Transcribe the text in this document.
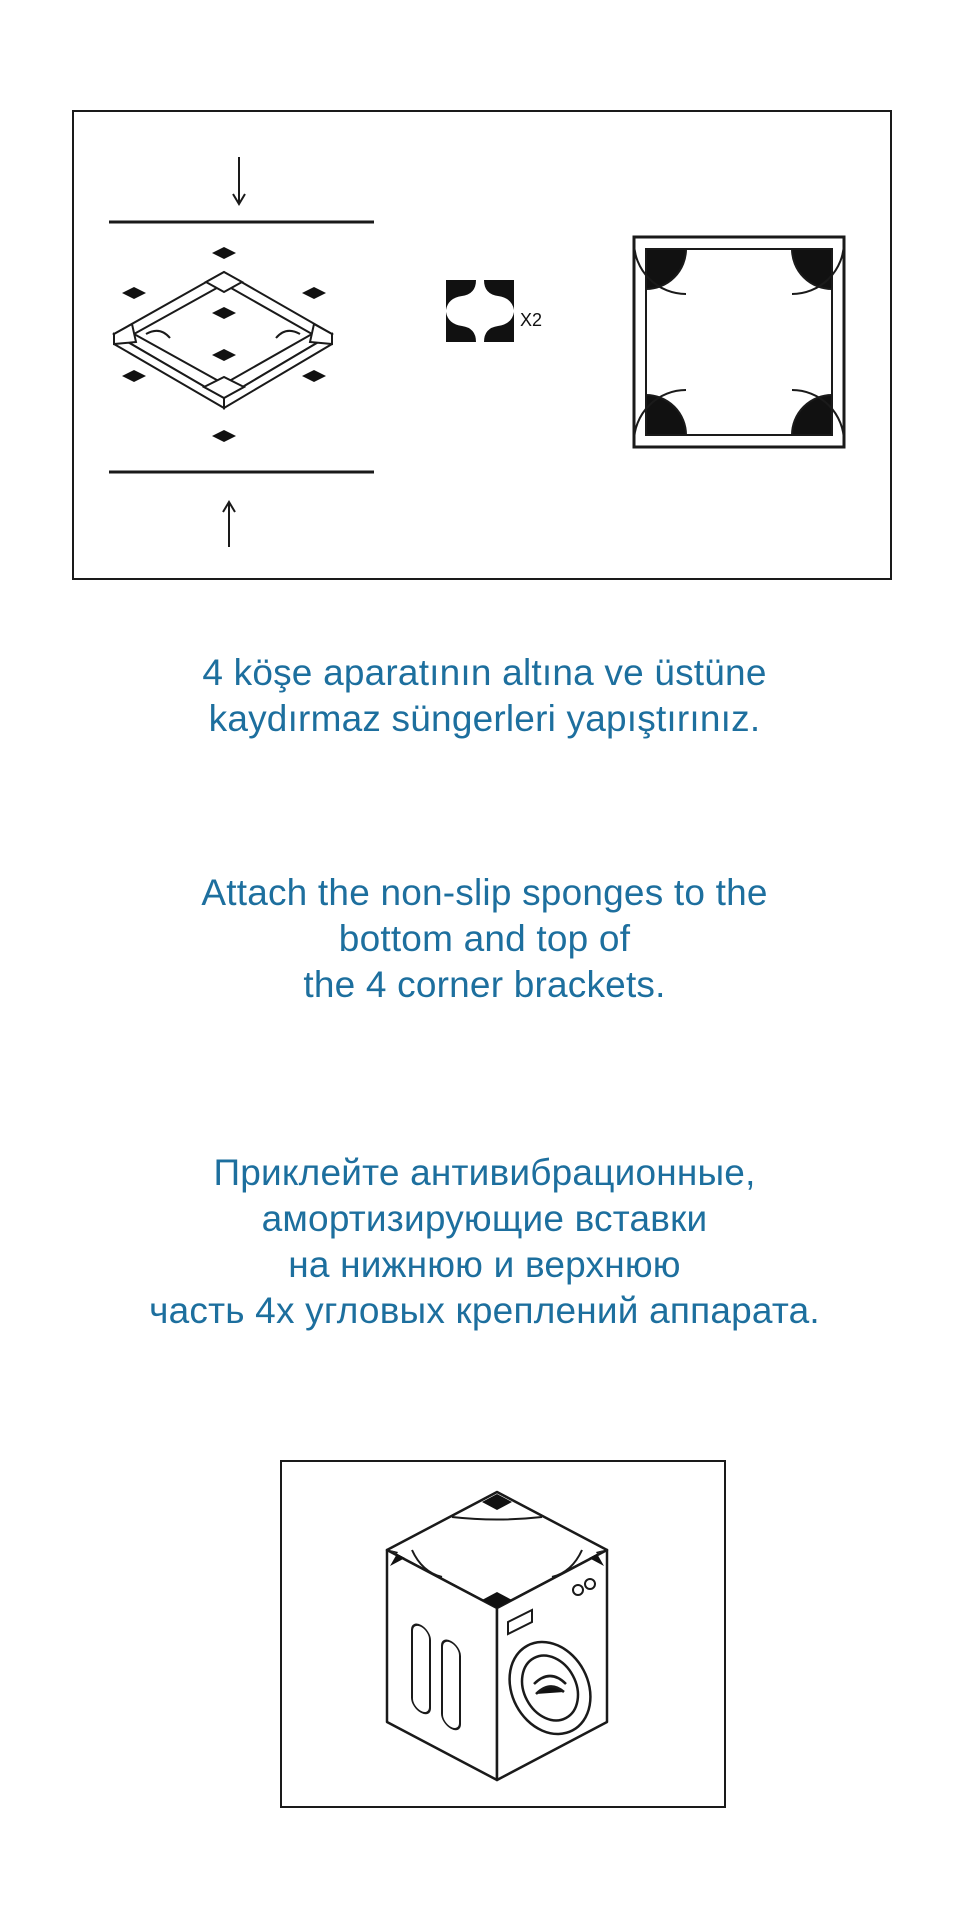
X2

4 köşe aparatının altına ve üstüne

kaydırmaz süngerleri yapıştırınız.

Attach the non-slip sponges to the

bottom and top of

the 4 corner brackets.

Приклейте антивибрационные,

амортизирующие вставки

на нижнюю и верхнюю

часть 4х угловых креплений аппарата.
